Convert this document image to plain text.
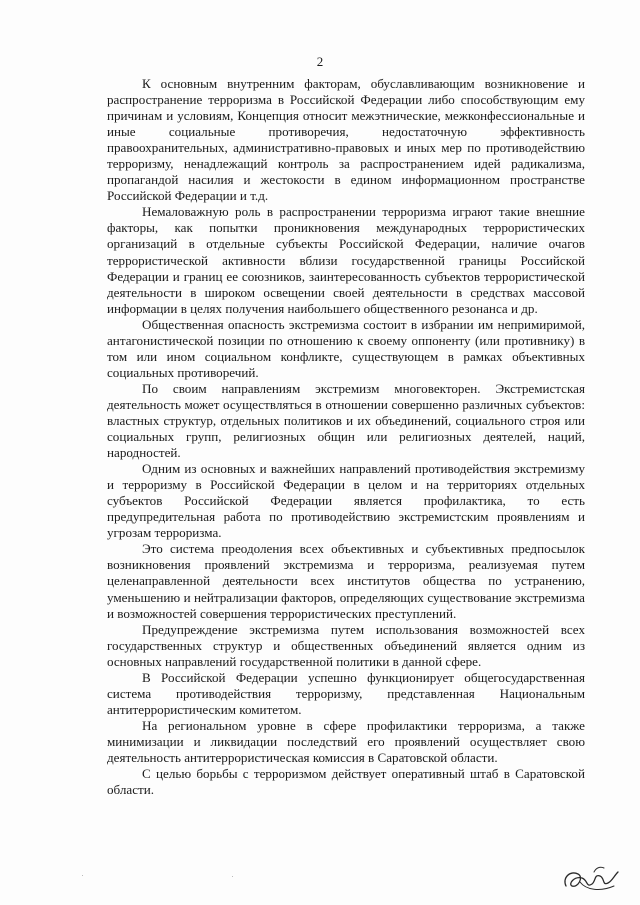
2

К основным внутренним факторам, обуславливающим возникновение и распространение терроризма в Российской Федерации либо способствующим ему причинам и условиям, Концепция относит межэтнические, межконфессиональные и иные социальные противоречия, недостаточную эффективность правоохранительных, административно-правовых и иных мер по противодействию терроризму, ненадлежащий контроль за распространением идей радикализма, пропагандой насилия и жестокости в едином информационном пространстве Российской Федерации и т.д.

Немаловажную роль в распространении терроризма играют такие внешние факторы, как попытки проникновения международных террористических организаций в отдельные субъекты Российской Федерации, наличие очагов террористической активности вблизи государственной границы Российской Федерации и границ ее союзников, заинтересованность субъектов террористической деятельности в широком освещении своей деятельности в средствах массовой информации в целях получения наибольшего общественного резонанса и др.

Общественная опасность экстремизма состоит в избрании им непримиримой, антагонистической позиции по отношению к своему оппоненту (или противнику) в том или ином социальном конфликте, существующем в рамках объективных социальных противоречий.

По своим направлениям экстремизм многовекторен. Экстремистская деятельность может осуществляться в отношении совершенно различных субъектов: властных структур, отдельных политиков и их объединений, социального строя или социальных групп, религиозных общин или религиозных деятелей, наций, народностей.

Одним из основных и важнейших направлений противодействия экстремизму и терроризму в Российской Федерации в целом и на территориях отдельных субъектов Российской Федерации является профилактика, то есть предупредительная работа по противодействию экстремистским проявлениям и угрозам терроризма.

Это система преодоления всех объективных и субъективных предпосылок возникновения проявлений экстремизма и терроризма, реализуемая путем целенаправленной деятельности всех институтов общества по устранению, уменьшению и нейтрализации факторов, определяющих существование экстремизма и возможностей совершения террористических преступлений.

Предупреждение экстремизма путем использования возможностей всех государственных структур и общественных объединений является одним из основных направлений государственной политики в данной сфере.

В Российской Федерации успешно функционирует общегосударственная система противодействия терроризму, представленная Национальным антитеррористическим комитетом.

На региональном уровне в сфере профилактики терроризма, а также минимизации и ликвидации последствий его проявлений осуществляет свою деятельность антитеррористическая комиссия в Саратовской области.

С целью борьбы с терроризмом действует оперативный штаб в Саратовской области.
